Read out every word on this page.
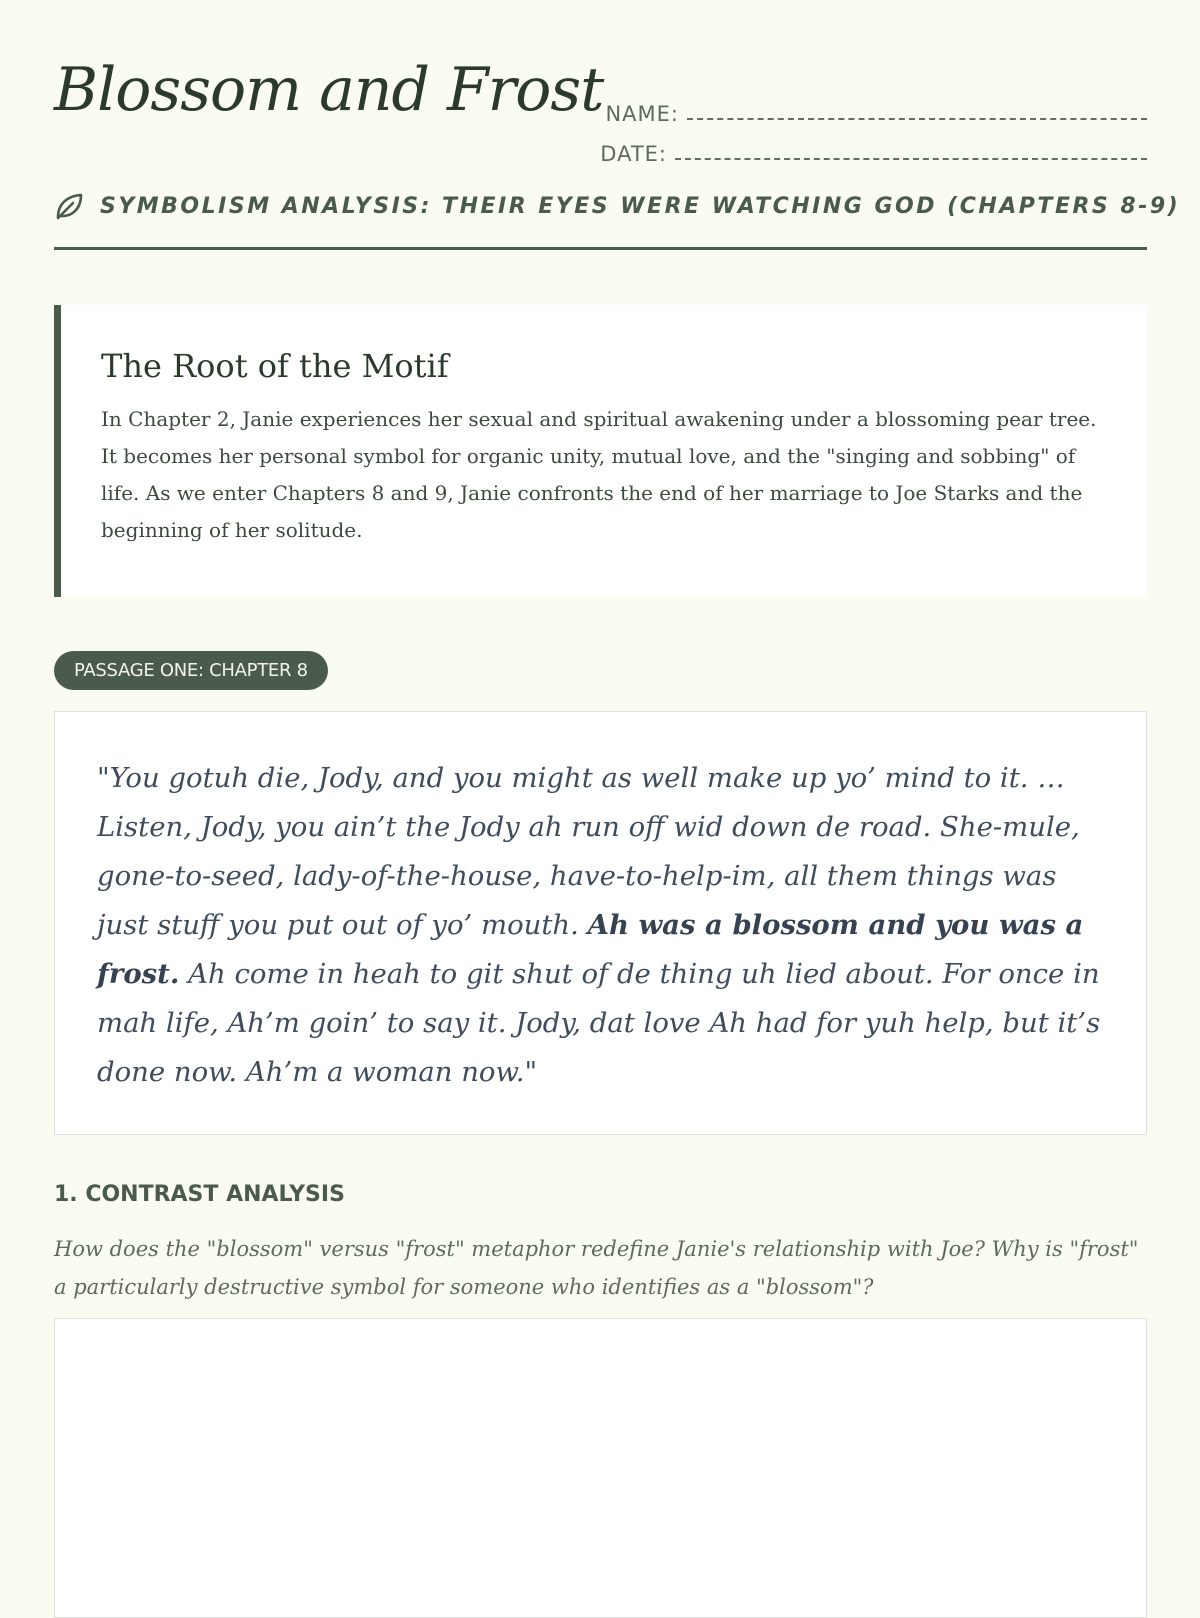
Blossom and Frost NAME:
DATE:
SYMBOLISM ANALYSIS: THEIR EYES WERE WATCHING GOD (CHAPTERS 8-9)
The Root of the Motif

In Chapter 2, Janie experiences her sexual and spiritual awakening under a blossoming pear tree. It becomes her personal symbol for organic unity, mutual love, and the "singing and sobbing" of life. As we enter Chapters 8 and 9, Janie confronts the end of her marriage to Joe Starks and the beginning of her solitude.

PASSAGE ONE: CHAPTER 8

"You gotuh die, Jody, and you might as well make up yo’ mind to it. … Listen, Jody, you ain’t the Jody ah run off wid down de road. She-mule, gone-to-seed, lady-of-the-house, have-to-help-im, all them things was just stuff you put out of yo’ mouth. Ah was a blossom and you was a frost. Ah come in heah to git shut of de thing uh lied about. For once in mah life, Ah’m goin’ to say it. Jody, dat love Ah had for yuh help, but it’s done now. Ah’m a woman now."

1. CONTRAST ANALYSIS

How does the "blossom" versus "frost" metaphor redefine Janie's relationship with Joe? Why is "frost" a particularly destructive symbol for someone who identifies as a "blossom"?
